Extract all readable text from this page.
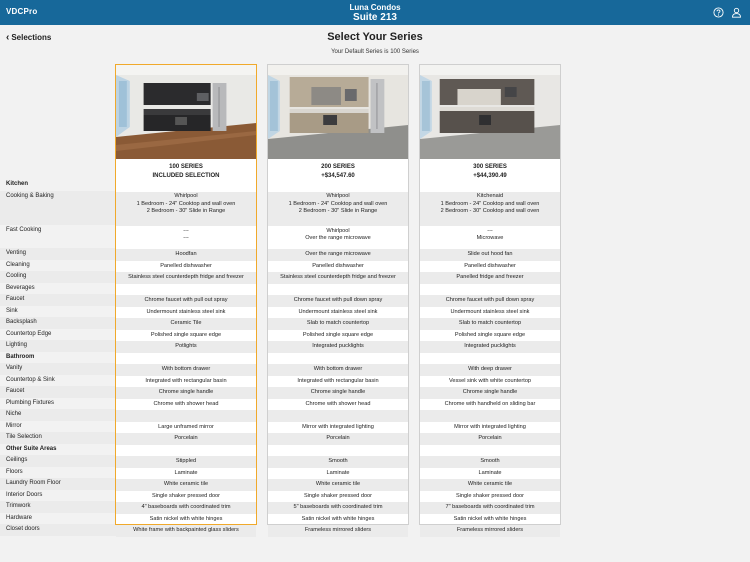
VDCPro	Luna Condos
Suite 213
‹ Selections	Select Your Series
Your Default Series is 100 Series
Kitchen
Cooking & Baking
Fast Cooking
Venting
Cleaning
Cooling
Beverages
Faucet
Sink
Backsplash
Countertop Edge
Lighting
Bathroom
Vanity
Countertop & Sink
Faucet
Plumbing Fixtures
Niche
Mirror
Tile Selection
Other Suite Areas
Ceilings
Floors
Laundry Room Floor
Interior Doors
Trimwork
Hardware
Closet doors
100 SERIES
INCLUDED SELECTION
Whirlpool
1 Bedroom - 24" Cooktop and wall oven
2 Bedroom - 30" Slide in Range
---
---
Hoodfan
Panelled dishwasher
Stainless steel counterdepth fridge and freezer
Chrome faucet with pull out spray
Undermount stainless steel sink
Ceramic Tile
Polished single square edge
Potlights
With bottom drawer
Integrated with rectangular basin
Chrome single handle
Chrome with shower head
Large unframed mirror
Porcelain
Stippled
Laminate
White ceramic tile
Single shaker pressed door
4" baseboards with coordinated trim
Satin nickel with white hinges
White frame with backpainted glass sliders
200 SERIES
+$34,547.60
Whirlpool
1 Bedroom - 24" Cooktop and wall oven
2 Bedroom - 30" Slide in Range
Whirlpool
Over the range microwave
Over the range microwave
Panelled dishwasher
Stainless steel counterdepth fridge and freezer
Chrome faucet with pull down spray
Undermount stainless steel sink
Slab to match countertop
Polished single square edge
Integrated pucklights
With bottom drawer
Integrated with rectangular basin
Chrome single handle
Chrome with shower head
Mirror with integrated lighting
Porcelain
Smooth
Laminate
White ceramic tile
Single shaker pressed door
5" baseboards with coordinated trim
Satin nickel with white hinges
Frameless mirrored sliders
300 SERIES
+$44,390.49
Kitchenaid
1 Bedroom - 24" Cooktop and wall oven
2 Bedroom - 30" Cooktop and wall oven
---
Microwave
Slide out hood fan
Panelled dishwasher
Panelled fridge and freezer
Chrome faucet with pull down spray
Undermount stainless steel sink
Slab to match countertop
Polished single square edge
Integrated pucklights
With deep drawer
Vessel sink with white countertop
Chrome single handle
Chrome with handheld on sliding bar
Mirror with integrated lighting
Porcelain
Smooth
Laminate
White ceramic tile
Single shaker pressed door
7" baseboards with coordinated trim
Satin nickel with white hinges
Frameless mirrored sliders
